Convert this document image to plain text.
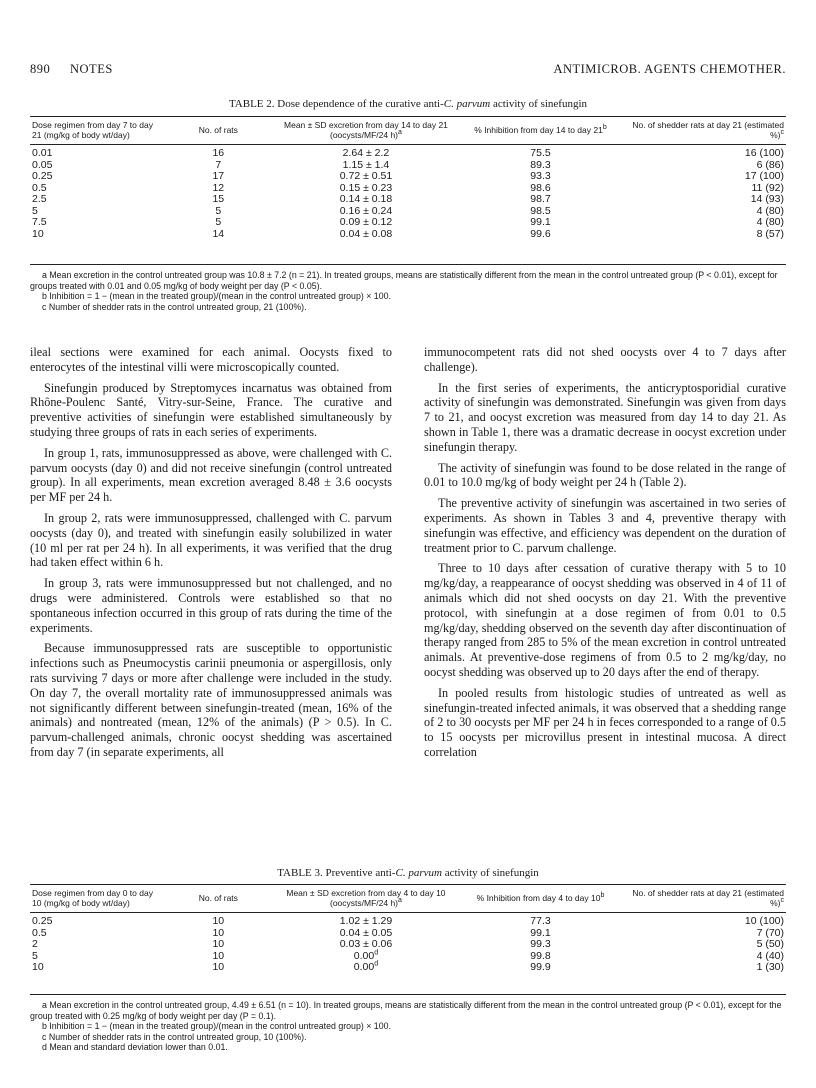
890 NOTES	ANTIMICROB. AGENTS CHEMOTHER.
TABLE 2. Dose dependence of the curative anti-C. parvum activity of sinefungin
Dose regimen from day 7 to day 21 (mg/kg of body wt/day)	No. of rats	Mean ± SD excretion from day 14 to day 21 (oocysts/MF/24 h)$^a$	% Inhibition from day 14 to day 21$^b$	No. of shedder rats at day 21 (estimated %)$^c$
0.01	16	2.64 ± 2.2	75.5	16 (100)
0.05	7	1.15 ± 1.4	89.3	6 (86)
0.25	17	0.72 ± 0.51	93.3	17 (100)
0.5	12	0.15 ± 0.23	98.6	11 (92)
2.5	15	0.14 ± 0.18	98.7	14 (93)
5	5	0.16 ± 0.24	98.5	4 (80)
7.5	5	0.09 ± 0.12	99.1	4 (80)
10	14	0.04 ± 0.08	99.6	8 (57)

a Mean excretion in the control untreated group was 10.8 ± 7.2 (n = 21). In treated groups, means are statistically different from the mean in the control untreated group (P < 0.01), except for groups treated with 0.01 and 0.05 mg/kg of body weight per day (P < 0.05).

b Inhibition = 1 − (mean in the treated group)/(mean in the control untreated group) × 100.

c Number of shedder rats in the control untreated group, 21 (100%).

ileal sections were examined for each animal. Oocysts fixed to enterocytes of the intestinal villi were microscopically counted.

Sinefungin produced by Streptomyces incarnatus was obtained from Rhône-Poulenc Santé, Vitry-sur-Seine, France. The curative and preventive activities of sinefungin were established simultaneously by studying three groups of rats in each series of experiments.

In group 1, rats, immunosuppressed as above, were challenged with C. parvum oocysts (day 0) and did not receive sinefungin (control untreated group). In all experiments, mean excretion averaged 8.48 ± 3.6 oocysts per MF per 24 h.

In group 2, rats were immunosuppressed, challenged with C. parvum oocysts (day 0), and treated with sinefungin easily solubilized in water (10 ml per rat per 24 h). In all experiments, it was verified that the drug had taken effect within 6 h.

In group 3, rats were immunosuppressed but not challenged, and no drugs were administered. Controls were established so that no spontaneous infection occurred in this group of rats during the time of the experiments.

Because immunosuppressed rats are susceptible to opportunistic infections such as Pneumocystis carinii pneumonia or aspergillosis, only rats surviving 7 days or more after challenge were included in the study. On day 7, the overall mortality rate of immunosuppressed animals was not significantly different between sinefungin-treated (mean, 16% of the animals) and nontreated (mean, 12% of the animals) (P > 0.5). In C. parvum-challenged animals, chronic oocyst shedding was ascertained from day 7 (in separate experiments, all

immunocompetent rats did not shed oocysts over 4 to 7 days after challenge).

In the first series of experiments, the anticryptosporidial curative activity of sinefungin was demonstrated. Sinefungin was given from days 7 to 21, and oocyst excretion was measured from day 14 to day 21. As shown in Table 1, there was a dramatic decrease in oocyst excretion under sinefungin therapy.

The activity of sinefungin was found to be dose related in the range of 0.01 to 10.0 mg/kg of body weight per 24 h (Table 2).

The preventive activity of sinefungin was ascertained in two series of experiments. As shown in Tables 3 and 4, preventive therapy with sinefungin was effective, and efficiency was dependent on the duration of treatment prior to C. parvum challenge.

Three to 10 days after cessation of curative therapy with 5 to 10 mg/kg/day, a reappearance of oocyst shedding was observed in 4 of 11 of animals which did not shed oocysts on day 21. With the preventive protocol, with sinefungin at a dose regimen of from 0.01 to 0.5 mg/kg/day, shedding observed on the seventh day after discontinuation of therapy ranged from 285 to 5% of the mean excretion in control untreated animals. At preventive-dose regimens of from 0.5 to 2 mg/kg/day, no oocyst shedding was observed up to 20 days after the end of therapy.

In pooled results from histologic studies of untreated as well as sinefungin-treated infected animals, it was observed that a shedding range of 2 to 30 oocysts per MF per 24 h in feces corresponded to a range of 0.5 to 15 oocysts per microvillus present in intestinal mucosa. A direct correlation

TABLE 3. Preventive anti-C. parvum activity of sinefungin
Dose regimen from day 0 to day 10 (mg/kg of body wt/day)	No. of rats	Mean ± SD excretion from day 4 to day 10 (oocysts/MF/24 h)$^a$	% Inhibition from day 4 to day 10$^b$	No. of shedder rats at day 21 (estimated %)$^c$
0.25	10	1.02 ± 1.29	77.3	10 (100)
0.5	10	0.04 ± 0.05	99.1	7 (70)
2	10	0.03 ± 0.06	99.3	5 (50)
5	10	0.00$^d$	99.8	4 (40)
10	10	0.00$^d$	99.9	1 (30)

a Mean excretion in the control untreated group, 4.49 ± 6.51 (n = 10). In treated groups, means are statistically different from the mean in the control untreated group (P < 0.01), except for the group treated with 0.25 mg/kg of body weight per day (P = 0.1).

b Inhibition = 1 − (mean in the treated group)/(mean in the control untreated group) × 100.

c Number of shedder rats in the control untreated group, 10 (100%).

d Mean and standard deviation lower than 0.01.
